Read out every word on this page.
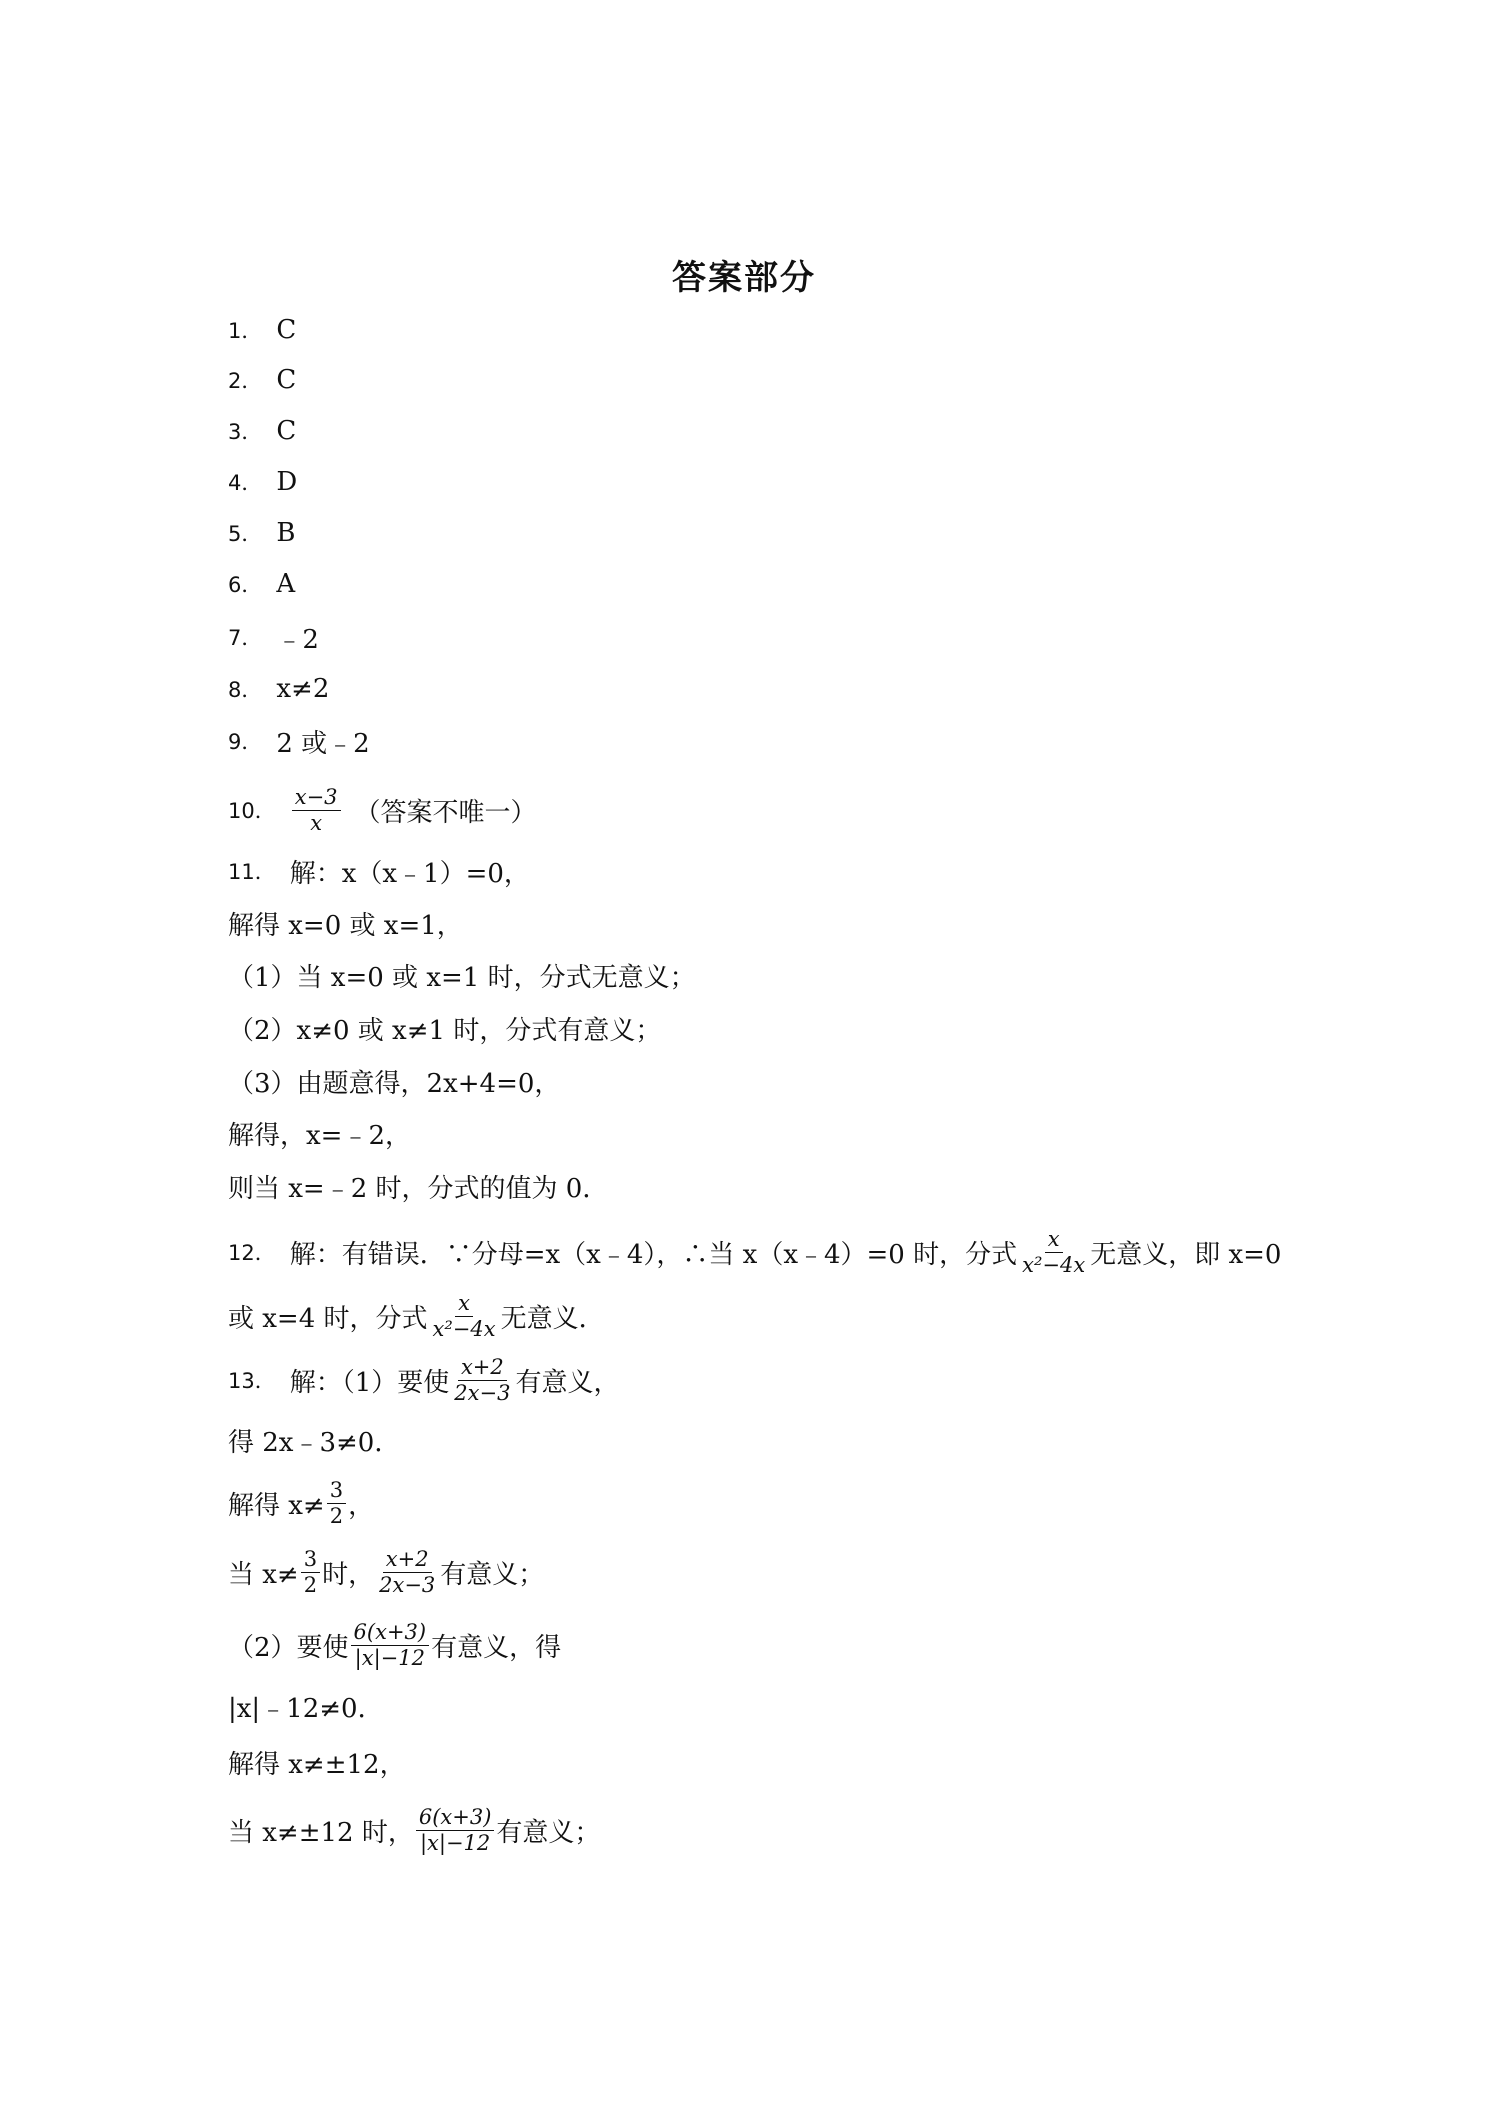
答案部分
1． C
2． C
3． C
4． D
5． B
6． A
7． ﹣2
8． x≠2
9． 2 或﹣2
10． $\frac{x-3}{x}$ （答案不唯一）
11． 解：x（x﹣1）=0，
解得 x=0 或 x=1，
（1）当 x=0 或 x=1 时，分式无意义；
（2）x≠0 或 x≠1 时，分式有意义；
（3）由题意得，2x+4=0，
解得，x=﹣2，
则当 x=﹣2 时，分式的值为 0．
12． 解：有错误．∵分母=x（x﹣4），∴当 x（x﹣4）=0 时，分式 $\frac{x}{\text{x²−4x}}$ 无意义，即 x=0
或 x=4 时，分式 $\frac{x}{\text{x²−4x}}$ 无意义．
13． 解：（1）要使 $\frac{x+2}{2x-3}$ 有意义，
得 2x﹣3≠0．
解得 $x\ne \frac{3}{2}$ ，
当 $x\ne \frac{3}{2}$ 时， $\frac{x+2}{2x-3}$ 有意义；
（2）要使 $\frac{6(x+3)}{|x|-12}$ 有意义，得
|x|﹣12≠0．
解得 x≠±12，
当 x≠±12 时， $\frac{6(x+3)}{|x|-12}$ 有意义；
